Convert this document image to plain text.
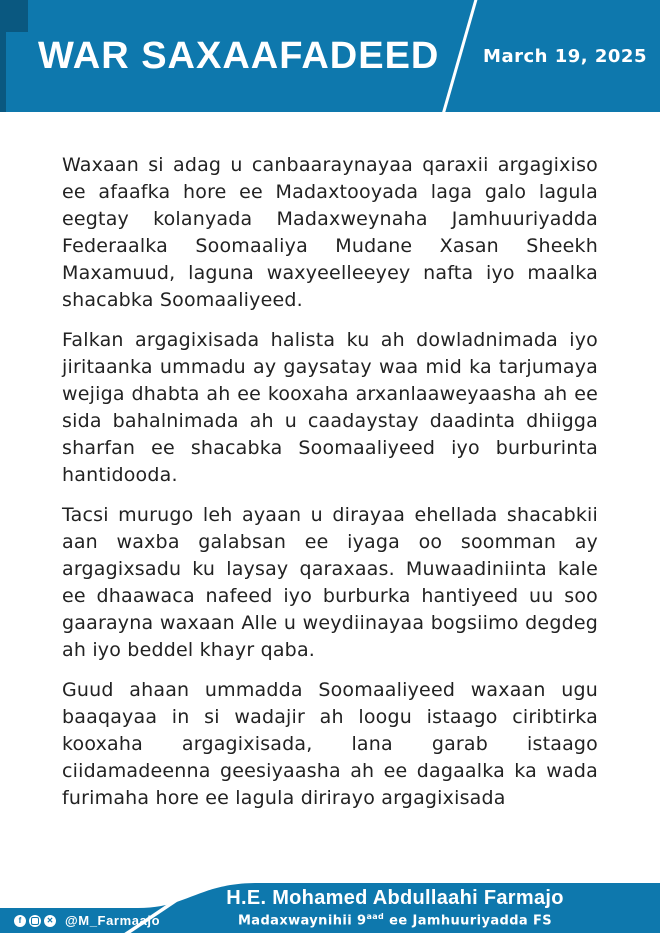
WAR SAXAAFADEED March 19, 2025

Waxaan si adag u canbaaraynayaa qaraxii argagixiso ee afaafka hore ee Madaxtooyada laga galo lagula eegtay kolanyada Madaxweynaha Jamhuuriyadda Federaalka Soomaaliya Mudane Xasan Sheekh Maxamuud, laguna waxyeelleeyey nafta iyo maalka shacabka Soomaaliyeed.

Falkan argagixisada halista ku ah dowladnimada iyo jiritaanka ummadu ay gaysatay waa mid ka tarjumaya wejiga dhabta ah ee kooxaha arxanlaaweyaasha ah ee sida bahalnimada ah u caadaystay daadinta dhiigga sharfan ee shacabka Soomaaliyeed iyo burburinta hantidooda.

Tacsi murugo leh ayaan u dirayaa ehellada shacabkii aan waxba galabsan ee iyaga oo soomman ay argagixsadu ku laysay qaraxaas. Muwaadiniinta kale ee dhaawaca nafeed iyo burburka hantiyeed uu soo gaarayna waxaan Alle u weydiinayaa bogsiimo degdeg ah iyo beddel khayr qaba.

Guud ahaan ummadda Soomaaliyeed waxaan ugu baaqayaa in si wadajir ah loogu istaago ciribtirka kooxaha argagixisada, lana garab istaago ciidamadeenna geesiyaasha ah ee dagaalka ka wada furimaha hore ee lagula dirirayo argagixisada

f	✕ @M_Farmaajo
H.E. Mohamed Abdullaahi Farmajo
Madaxwaynihii $9^{aad}$ ee Jamhuuriyadda FS
